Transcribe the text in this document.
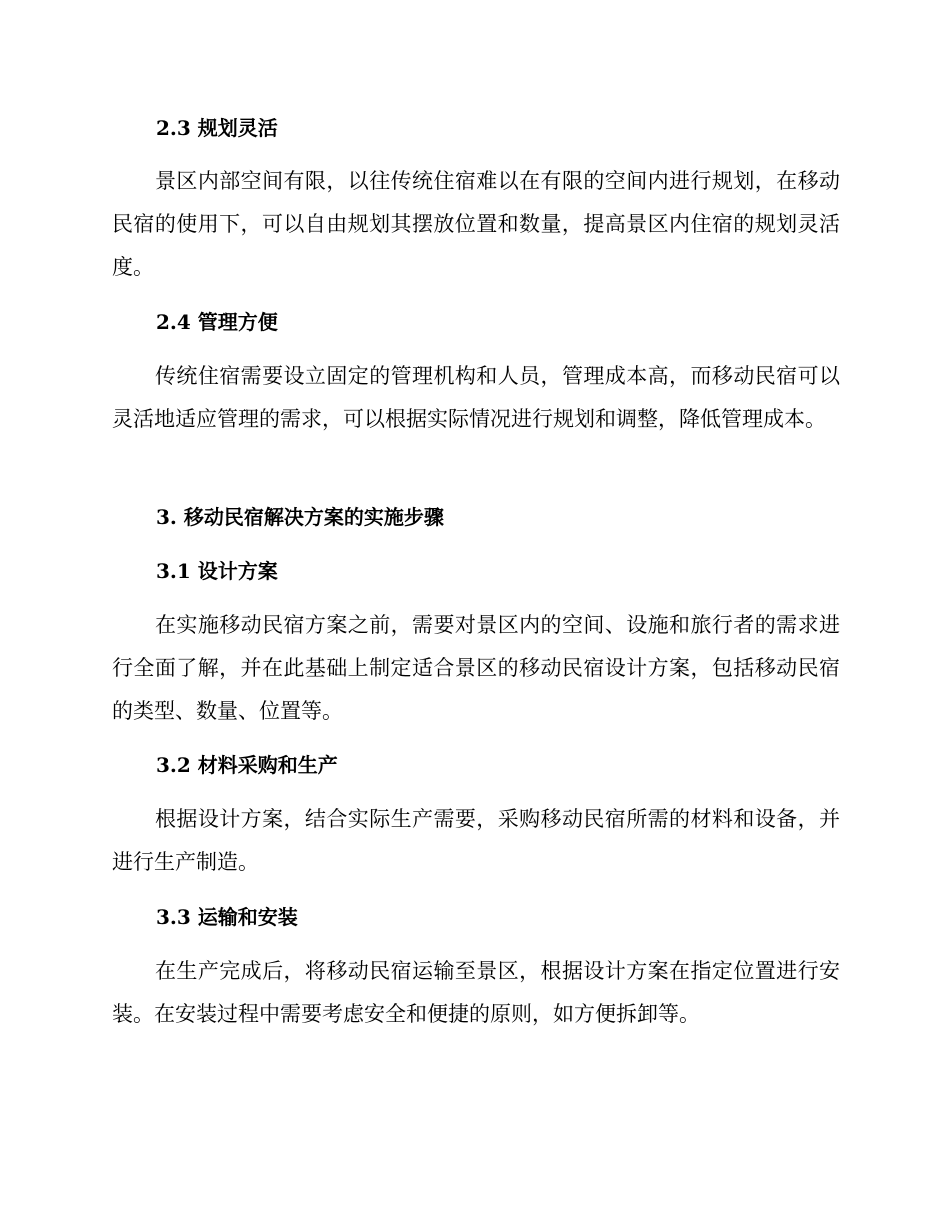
2.3 规划灵活
景区内部空间有限，以往传统住宿难以在有限的空间内进行规划，在移动民宿的使用下，可以自由规划其摆放位置和数量，提高景区内住宿的规划灵活度。
2.4 管理方便
传统住宿需要设立固定的管理机构和人员，管理成本高，而移动民宿可以灵活地适应管理的需求，可以根据实际情况进行规划和调整，降低管理成本。
3. 移动民宿解决方案的实施步骤
3.1 设计方案
在实施移动民宿方案之前，需要对景区内的空间、设施和旅行者的需求进行全面了解，并在此基础上制定适合景区的移动民宿设计方案，包括移动民宿的类型、数量、位置等。
3.2 材料采购和生产
根据设计方案，结合实际生产需要，采购移动民宿所需的材料和设备，并进行生产制造。
3.3 运输和安装
在生产完成后，将移动民宿运输至景区，根据设计方案在指定位置进行安装。在安装过程中需要考虑安全和便捷的原则，如方便拆卸等。
